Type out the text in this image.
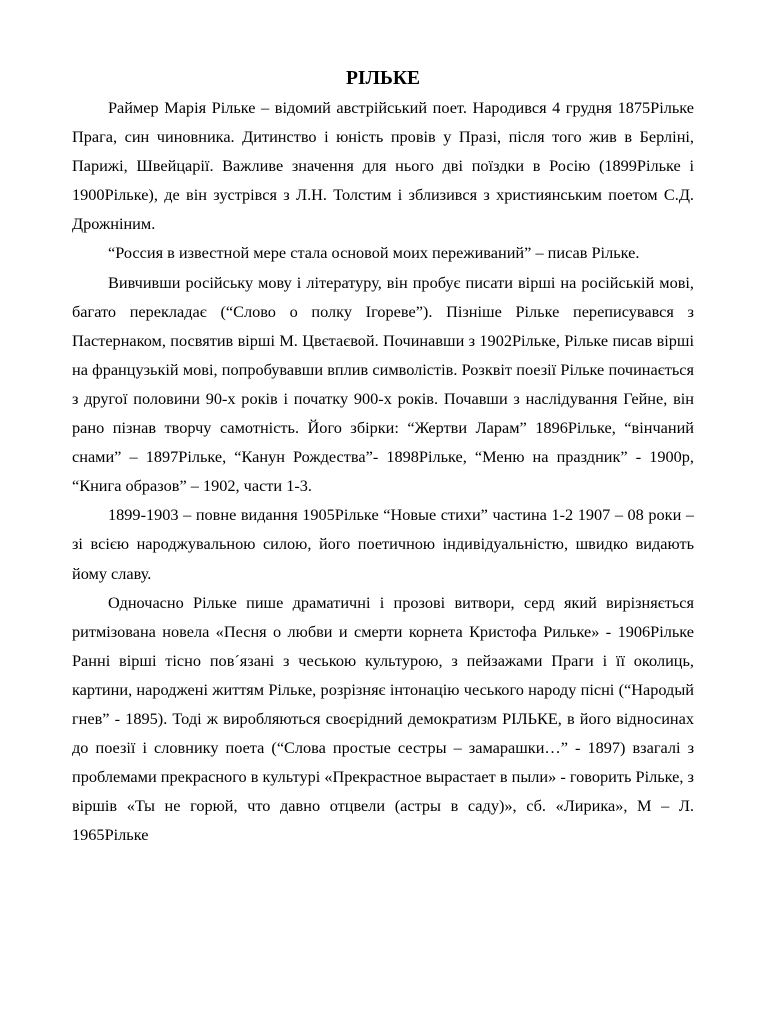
РІЛЬКЕ

Раймер Марія Рільке – відомий австрійський поет. Народився 4 грудня 1875Рільке Прага, син чиновника. Дитинство і юність провів у Празі, після того жив в Берліні, Парижі, Швейцарії. Важливе значення для нього дві поїздки в Росію (1899Рільке і 1900Рільке), де він зустрівся з Л.Н. Толстим і зблизився з християнським поетом С.Д. Дрожніним.

“Россия в известной мере стала основой моих переживаний” – писав Рільке.

Вивчивши російську мову і літературу, він пробує писати вірші на російській мові, багато перекладає (“Слово о полку Ігореве”). Пізніше Рільке переписувався з Пастернаком, посвятив вірші М. Цвєтаєвой. Починавши з 1902Рільке, Рільке писав вірші на французькій мові, попробувавши вплив символістів. Розквіт поезії Рільке починається з другої половини 90-х років і початку 900-х років. Почавши з наслідування Гейне, він рано пізнав творчу самотність. Його збірки: “Жертви Ларам” 1896Рільке, “вінчаний снами” – 1897Рільке, “Канун Рождества”- 1898Рільке, “Меню на праздник” - 1900р, “Книга образов” – 1902, части 1-3.

1899-1903 – повне видання 1905Рільке “Новые стихи” частина 1-2 1907 – 08 роки – зі всією народжувальною силою, його поетичною індивідуальністю, швидко видають йому славу.

Одночасно Рільке пише драматичні і прозові витвори, серд який вирізняється ритмізована новела «Песня о любви и смерти корнета Кристофа Рильке» - 1906Рільке Ранні вірші тісно пов´язані з чеською культурою, з пейзажами Праги і її околиць, картини, народжені життям Рільке, розрізняє інтонацію чеського народу пісні (“Народый гнев” - 1895). Тоді ж виробляються своєрідний демократизм РІЛЬКЕ, в його відносинах до поезії і словнику поета (“Слова простые сестры – замарашки…” - 1897) взагалі з проблемами прекрасного в культурі «Прекрастное вырастает в пыли» - говорить Рільке, з віршів «Ты не горюй, что давно отцвели (астры в саду)», сб. «Лирика», М – Л. 1965Рільке
